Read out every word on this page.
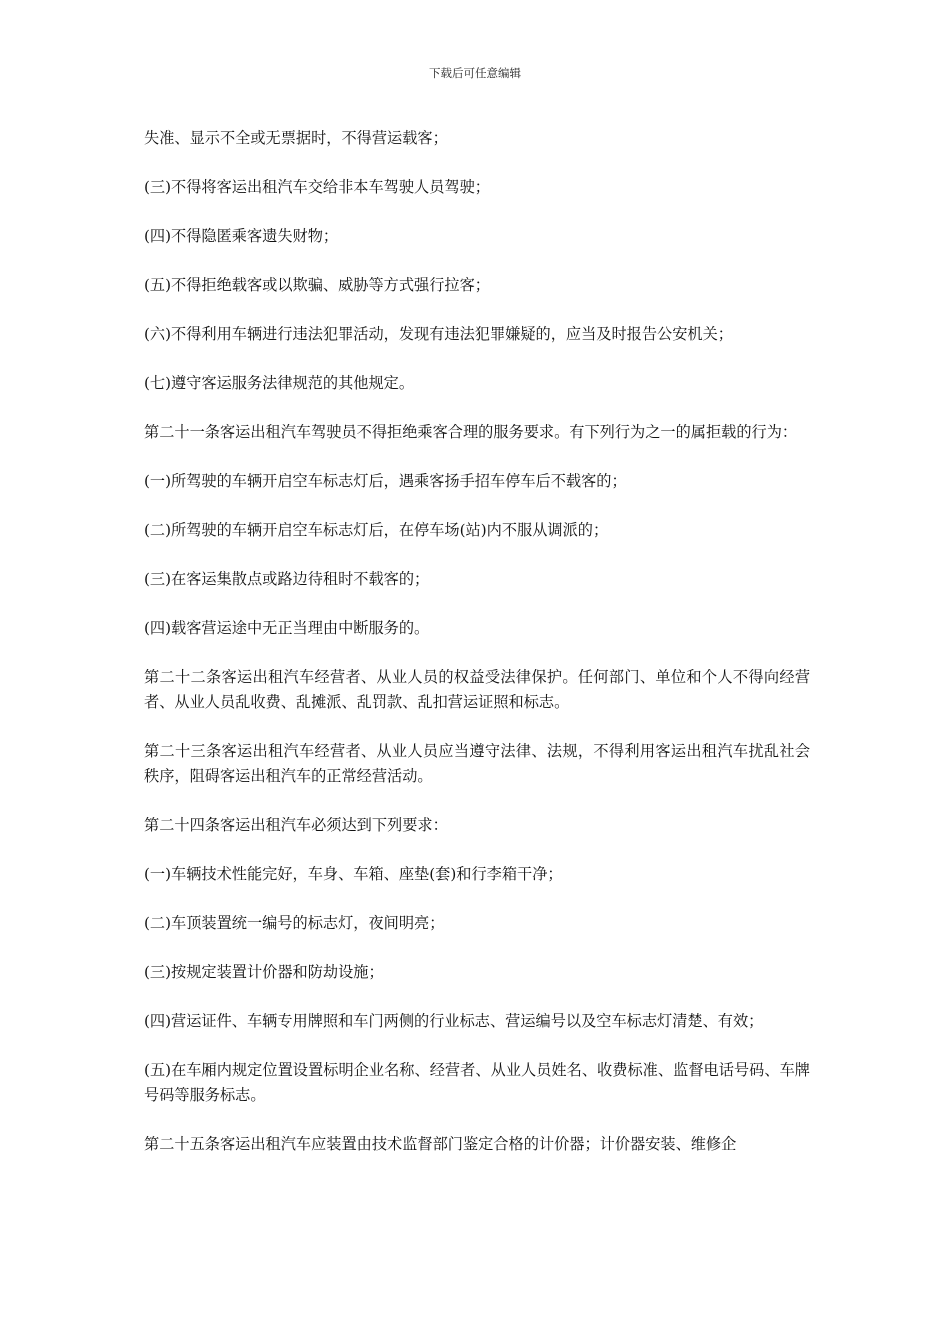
下载后可任意编辑

失准、显示不全或无票据时，不得营运载客；

(三)不得将客运出租汽车交给非本车驾驶人员驾驶；

(四)不得隐匿乘客遗失财物；

(五)不得拒绝载客或以欺骗、威胁等方式强行拉客；

(六)不得利用车辆进行违法犯罪活动，发现有违法犯罪嫌疑的，应当及时报告公安机关；

(七)遵守客运服务法律规范的其他规定。

第二十一条客运出租汽车驾驶员不得拒绝乘客合理的服务要求。有下列行为之一的属拒载的行为：

(一)所驾驶的车辆开启空车标志灯后，遇乘客扬手招车停车后不载客的；

(二)所驾驶的车辆开启空车标志灯后，在停车场(站)内不服从调派的；

(三)在客运集散点或路边待租时不载客的；

(四)载客营运途中无正当理由中断服务的。

第二十二条客运出租汽车经营者、从业人员的权益受法律保护。任何部门、单位和个人不得向经营者、从业人员乱收费、乱摊派、乱罚款、乱扣营运证照和标志。

第二十三条客运出租汽车经营者、从业人员应当遵守法律、法规，不得利用客运出租汽车扰乱社会秩序，阻碍客运出租汽车的正常经营活动。

第二十四条客运出租汽车必须达到下列要求：

(一)车辆技术性能完好，车身、车箱、座垫(套)和行李箱干净；

(二)车顶装置统一编号的标志灯，夜间明亮；

(三)按规定装置计价器和防劫设施；

(四)营运证件、车辆专用牌照和车门两侧的行业标志、营运编号以及空车标志灯清楚、有效；

(五)在车厢内规定位置设置标明企业名称、经营者、从业人员姓名、收费标准、监督电话号码、车牌号码等服务标志。

第二十五条客运出租汽车应装置由技术监督部门鉴定合格的计价器；计价器安装、维修企
